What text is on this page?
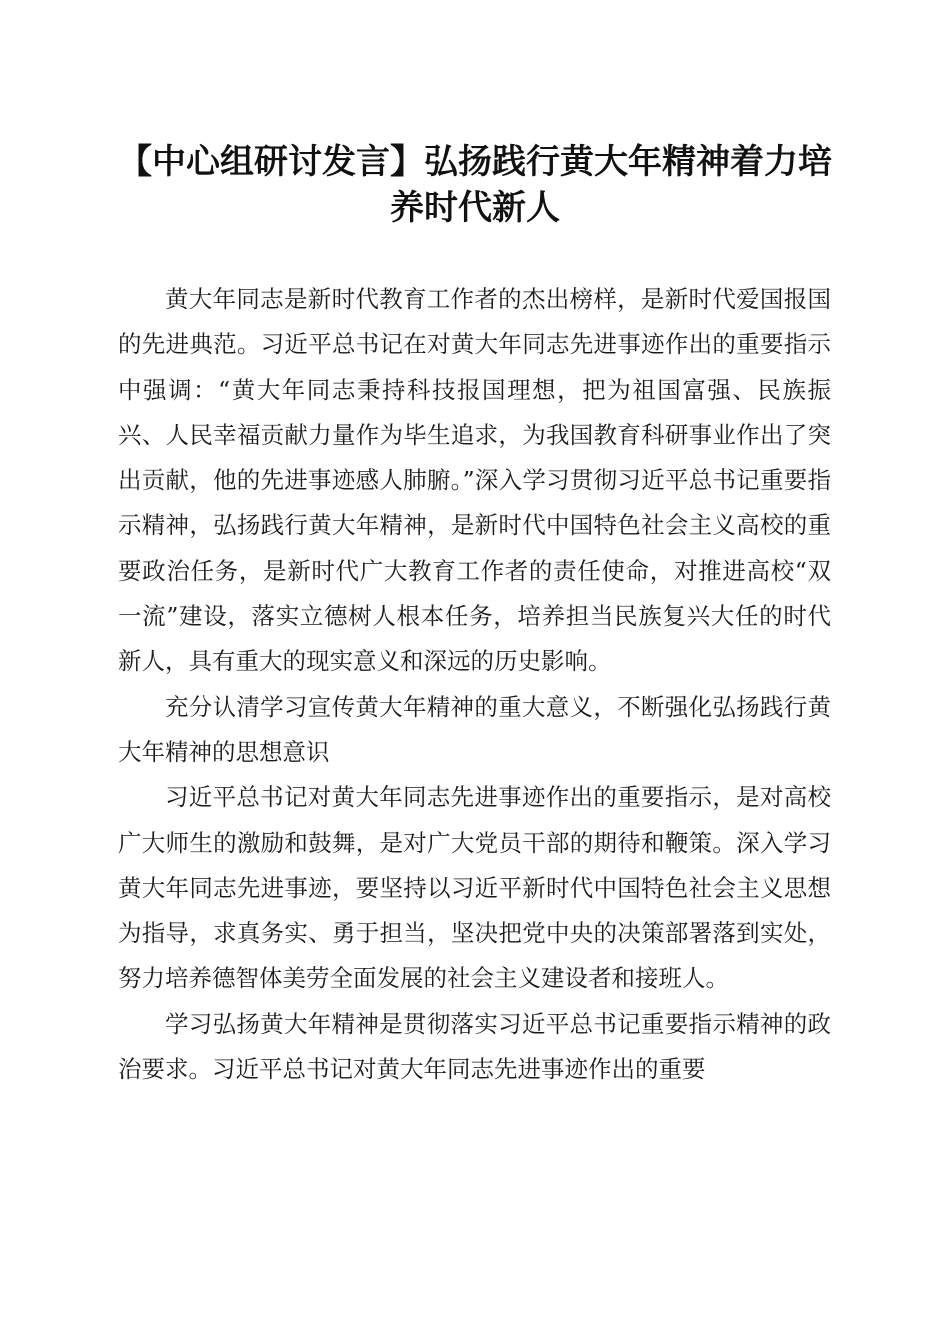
【中心组研讨发言】弘扬践行黄大年精神着力培养时代新人

黄大年同志是新时代教育工作者的杰出榜样，是新时代爱国报国的先进典范。习近平总书记在对黄大年同志先进事迹作出的重要指示中强调：“黄大年同志秉持科技报国理想，把为祖国富强、民族振兴、人民幸福贡献力量作为毕生追求，为我国教育科研事业作出了突出贡献，他的先进事迹感人肺腑。”深入学习贯彻习近平总书记重要指示精神，弘扬践行黄大年精神，是新时代中国特色社会主义高校的重要政治任务，是新时代广大教育工作者的责任使命，对推进高校“双一流”建设，落实立德树人根本任务，培养担当民族复兴大任的时代新人，具有重大的现实意义和深远的历史影响。

充分认清学习宣传黄大年精神的重大意义，不断强化弘扬践行黄大年精神的思想意识

习近平总书记对黄大年同志先进事迹作出的重要指示，是对高校广大师生的激励和鼓舞，是对广大党员干部的期待和鞭策。深入学习黄大年同志先进事迹，要坚持以习近平新时代中国特色社会主义思想为指导，求真务实、勇于担当，坚决把党中央的决策部署落到实处，努力培养德智体美劳全面发展的社会主义建设者和接班人。

学习弘扬黄大年精神是贯彻落实习近平总书记重要指示精神的政治要求。习近平总书记对黄大年同志先进事迹作出的重要
